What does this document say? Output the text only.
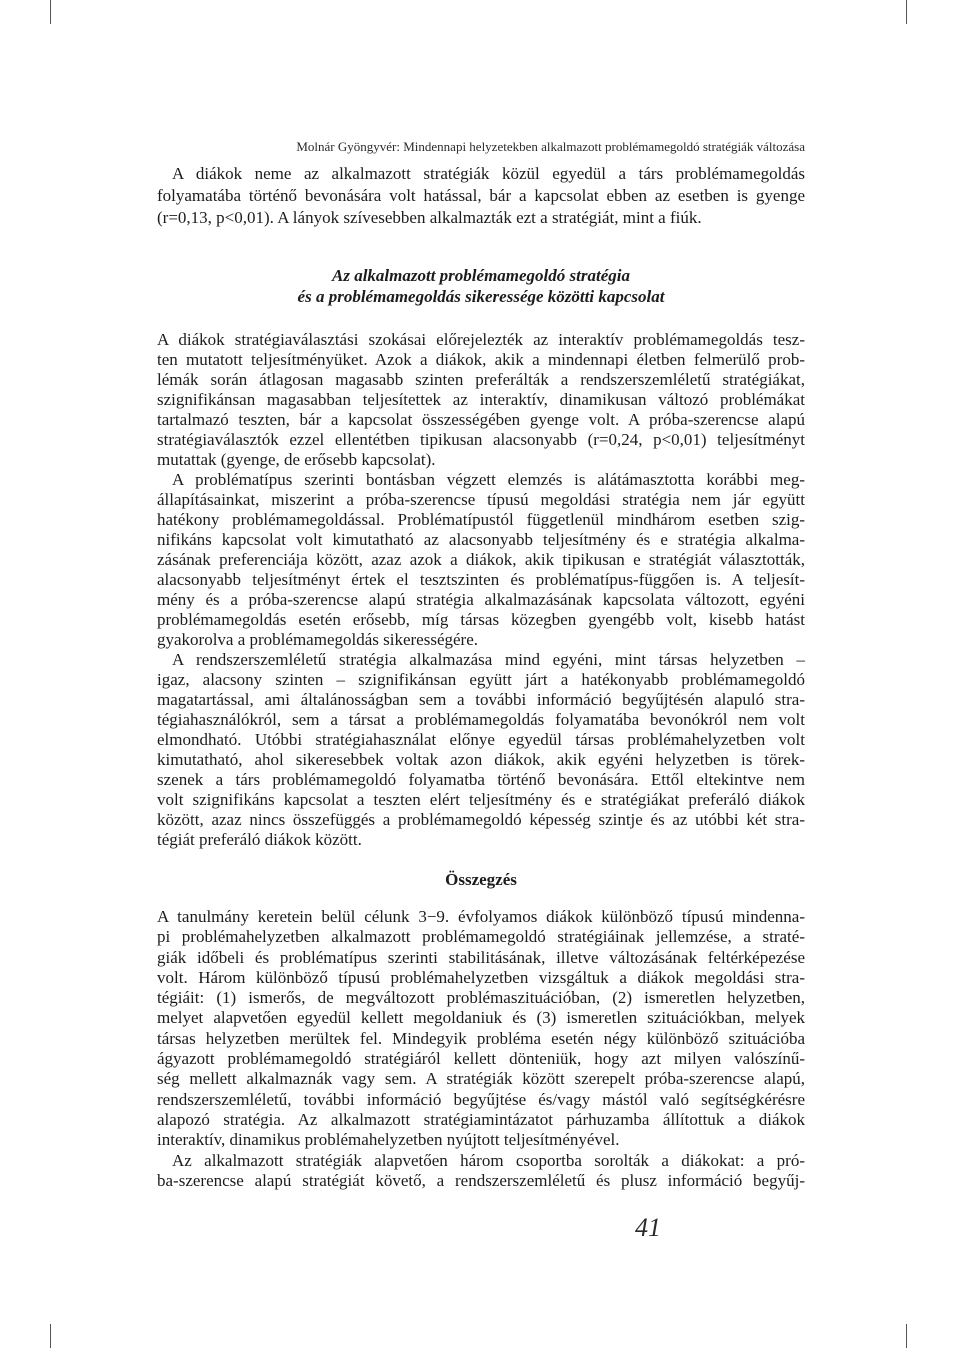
Molnár Gyöngyvér: Mindennapi helyzetekben alkalmazott problémamegoldó stratégiák változása
A diákok neme az alkalmazott stratégiák közül egyedül a társ problémamegoldás
folyamatába történő bevonására volt hatással, bár a kapcsolat ebben az esetben is gyenge
(r=0,13, p<0,01). A lányok szívesebben alkalmazták ezt a stratégiát, mint a fiúk.
Az alkalmazott problémamegoldó stratégia
és a problémamegoldás sikeressége közötti kapcsolat
A diákok stratégiaválasztási szokásai előrejelezték az interaktív problémamegoldás tesz-
ten mutatott teljesítményüket. Azok a diákok, akik a mindennapi életben felmerülő prob-
lémák során átlagosan magasabb szinten preferálták a rendszerszemléletű stratégiákat,
szignifikánsan magasabban teljesítettek az interaktív, dinamikusan változó problémákat
tartalmazó teszten, bár a kapcsolat összességében gyenge volt. A próba-szerencse alapú
stratégiaválasztók ezzel ellentétben tipikusan alacsonyabb (r=0,24, p<0,01) teljesítményt
mutattak (gyenge, de erősebb kapcsolat).
A problématípus szerinti bontásban végzett elemzés is alátámasztotta korábbi meg-
állapításainkat, miszerint a próba-szerencse típusú megoldási stratégia nem jár együtt
hatékony problémamegoldással. Problématípustól függetlenül mindhárom esetben szig-
nifikáns kapcsolat volt kimutatható az alacsonyabb teljesítmény és e stratégia alkalma-
zásának preferenciája között, azaz azok a diákok, akik tipikusan e stratégiát választották,
alacsonyabb teljesítményt értek el tesztszinten és problématípus-függően is. A teljesít-
mény és a próba-szerencse alapú stratégia alkalmazásának kapcsolata változott, egyéni
problémamegoldás esetén erősebb, míg társas közegben gyengébb volt, kisebb hatást
gyakorolva a problémamegoldás sikerességére.
A rendszerszemléletű stratégia alkalmazása mind egyéni, mint társas helyzetben –
igaz, alacsony szinten – szignifikánsan együtt járt a hatékonyabb problémamegoldó
magatartással, ami általánosságban sem a további információ begyűjtésén alapuló stra-
tégiahasználókról, sem a társat a problémamegoldás folyamatába bevonókról nem volt
elmondható. Utóbbi stratégiahasználat előnye egyedül társas problémahelyzetben volt
kimutatható, ahol sikeresebbek voltak azon diákok, akik egyéni helyzetben is törek-
szenek a társ problémamegoldó folyamatba történő bevonására. Ettől eltekintve nem
volt szignifikáns kapcsolat a teszten elért teljesítmény és e stratégiákat preferáló diákok
között, azaz nincs összefüggés a problémamegoldó képesség szintje és az utóbbi két stra-
tégiát preferáló diákok között.
Összegzés
A tanulmány keretein belül célunk 3−9. évfolyamos diákok különböző típusú mindenna-
pi problémahelyzetben alkalmazott problémamegoldó stratégiáinak jellemzése, a straté-
giák időbeli és problématípus szerinti stabilitásának, illetve változásának feltérképezése
volt. Három különböző típusú problémahelyzetben vizsgáltuk a diákok megoldási stra-
tégiáit: (1) ismerős, de megváltozott problémaszituációban, (2) ismeretlen helyzetben,
melyet alapvetően egyedül kellett megoldaniuk és (3) ismeretlen szituációkban, melyek
társas helyzetben merültek fel. Mindegyik probléma esetén négy különböző szituációba
ágyazott problémamegoldó stratégiáról kellett dönteniük, hogy azt milyen valószínű-
ség mellett alkalmaznák vagy sem. A stratégiák között szerepelt próba-szerencse alapú,
rendszerszemléletű, további információ begyűjtése és/vagy mástól való segítségkérésre
alapozó stratégia. Az alkalmazott stratégiamintázatot párhuzamba állítottuk a diákok
interaktív, dinamikus problémahelyzetben nyújtott teljesítményével.
Az alkalmazott stratégiák alapvetően három csoportba sorolták a diákokat: a pró-
ba-szerencse alapú stratégiát követő, a rendszerszemléletű és plusz információ begyűj-
41
